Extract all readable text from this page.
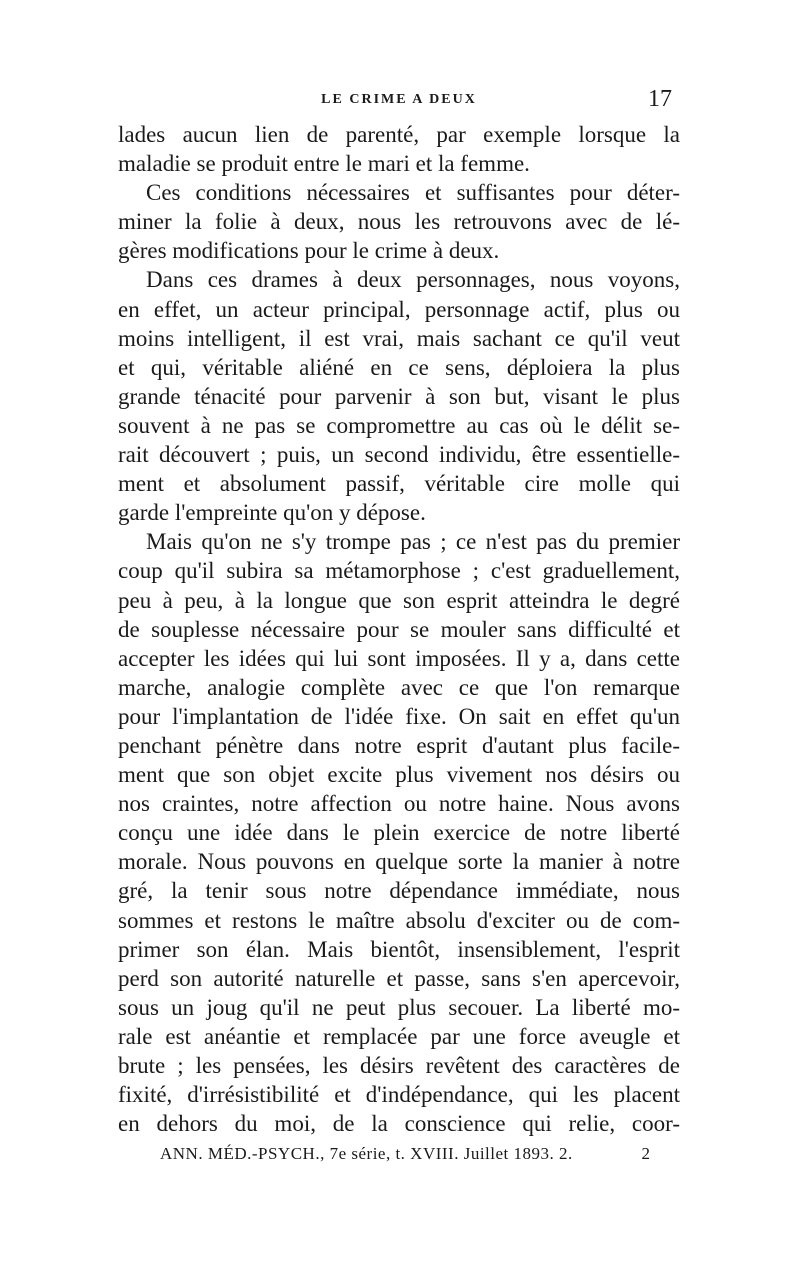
LE CRIME A DEUX	17
lades aucun lien de parenté, par exemple lorsque la
maladie se produit entre le mari et la femme.
Ces conditions nécessaires et suffisantes pour déter-
miner la folie à deux, nous les retrouvons avec de lé-
gères modifications pour le crime à deux.
Dans ces drames à deux personnages, nous voyons,
en effet, un acteur principal, personnage actif, plus ou
moins intelligent, il est vrai, mais sachant ce qu'il veut
et qui, véritable aliéné en ce sens, déploiera la plus
grande ténacité pour parvenir à son but, visant le plus
souvent à ne pas se compromettre au cas où le délit se-
rait découvert ; puis, un second individu, être essentielle-
ment et absolument passif, véritable cire molle qui
garde l'empreinte qu'on y dépose.
Mais qu'on ne s'y trompe pas ; ce n'est pas du premier
coup qu'il subira sa métamorphose ; c'est graduellement,
peu à peu, à la longue que son esprit atteindra le degré
de souplesse nécessaire pour se mouler sans difficulté et
accepter les idées qui lui sont imposées. Il y a, dans cette
marche, analogie complète avec ce que l'on remarque
pour l'implantation de l'idée fixe. On sait en effet qu'un
penchant pénètre dans notre esprit d'autant plus facile-
ment que son objet excite plus vivement nos désirs ou
nos craintes, notre affection ou notre haine. Nous avons
conçu une idée dans le plein exercice de notre liberté
morale. Nous pouvons en quelque sorte la manier à notre
gré, la tenir sous notre dépendance immédiate, nous
sommes et restons le maître absolu d'exciter ou de com-
primer son élan. Mais bientôt, insensiblement, l'esprit
perd son autorité naturelle et passe, sans s'en apercevoir,
sous un joug qu'il ne peut plus secouer. La liberté mo-
rale est anéantie et remplacée par une force aveugle et
brute ; les pensées, les désirs revêtent des caractères de
fixité, d'irrésistibilité et d'indépendance, qui les placent
en dehors du moi, de la conscience qui relie, coor-
ANN. MÉD.-PSYCH., 7e série, t. XVIII. Juillet 1893. 2.	2
